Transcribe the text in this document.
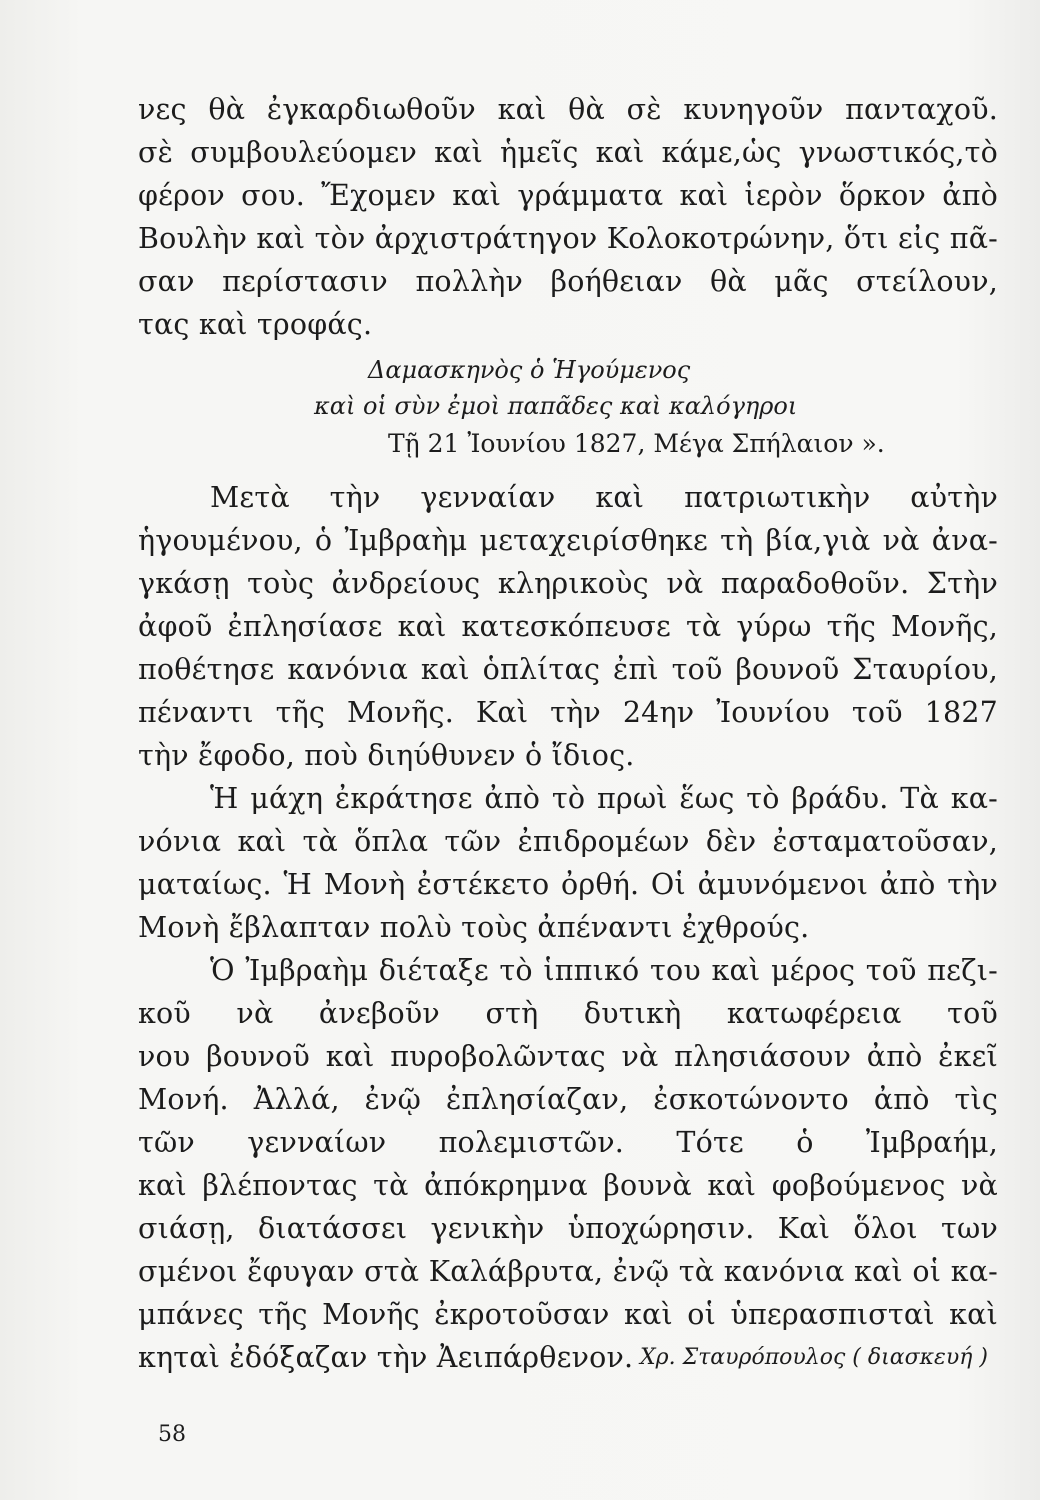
νες θὰ ἐγκαρδιωθοῦν καὶ θὰ σὲ κυνηγοῦν πανταχοῦ.
σὲ συμβουλεύομεν καὶ ἡμεῖς καὶ κάμε,ὡς γνωστικός,τὸ
φέρον σου. Ἔχομεν καὶ γράμματα καὶ ἱερὸν ὅρκον ἀπὸ
Βουλὴν καὶ τὸν ἀρχιστράτηγον Κολοκοτρώνην, ὅτι εἰς πᾶ-
σαν περίστασιν πολλὴν βοήθειαν θὰ μᾶς στείλουν,
τας καὶ τροφάς.
Δαμασκηνὸς ὁ Ἡγούμενος
καὶ οἱ σὺν ἐμοὶ παπᾶδες καὶ καλόγηροι
Τῇ 21 Ἰουνίου 1827, Μέγα Σπήλαιον ».
Μετὰ τὴν γενναίαν καὶ πατριωτικὴν αὐτὴν
ἡγουμένου, ὁ Ἰμβραὴμ μεταχειρίσθηκε τὴ βία,γιὰ νὰ ἀνα-
γκάσῃ τοὺς ἀνδρείους κληρικοὺς νὰ παραδοθοῦν. Στὴν
ἀφοῦ ἐπλησίασε καὶ κατεσκόπευσε τὰ γύρω τῆς Μονῆς,
ποθέτησε κανόνια καὶ ὁπλίτας ἐπὶ τοῦ βουνοῦ Σταυρίου,
πέναντι τῆς Μονῆς. Καὶ τὴν 24ην Ἰουνίου τοῦ 1827
τὴν ἔφοδο, ποὺ διηύθυνεν ὁ ἴδιος.
Ἡ μάχη ἐκράτησε ἀπὸ τὸ πρωὶ ἕως τὸ βράδυ. Τὰ κα-
νόνια καὶ τὰ ὅπλα τῶν ἐπιδρομέων δὲν ἐσταματοῦσαν,
ματαίως. Ἡ Μονὴ ἐστέκετο ὀρθή. Οἱ ἀμυνόμενοι ἀπὸ τὴν
Μονὴ ἔβλαπταν πολὺ τοὺς ἀπέναντι ἐχθρούς.
Ὁ Ἰμβραὴμ διέταξε τὸ ἱππικό του καὶ μέρος τοῦ πεζι-
κοῦ νὰ ἀνεβοῦν στὴ δυτικὴ κατωφέρεια τοῦ
νου βουνοῦ καὶ πυροβολῶντας νὰ πλησιάσουν ἀπὸ ἐκεῖ
Μονή. Ἀλλά, ἐνῷ ἐπλησίαζαν, ἐσκοτώνοντο ἀπὸ τὶς
τῶν γενναίων πολεμιστῶν. Τότε ὁ Ἰμβραήμ,
καὶ βλέποντας τὰ ἀπόκρημνα βουνὰ καὶ φοβούμενος νὰ
σιάσῃ, διατάσσει γενικὴν ὑποχώρησιν. Καὶ ὅλοι των
σμένοι ἔφυγαν στὰ Καλάβρυτα, ἐνῷ τὰ κανόνια καὶ οἱ κα-
μπάνες τῆς Μονῆς ἐκροτοῦσαν καὶ οἱ ὑπερασπισταὶ καὶ
κηταὶ ἐδόξαζαν τὴν Ἀειπάρθενον. Χρ. Σταυρόπουλος ( διασκευή )
58
